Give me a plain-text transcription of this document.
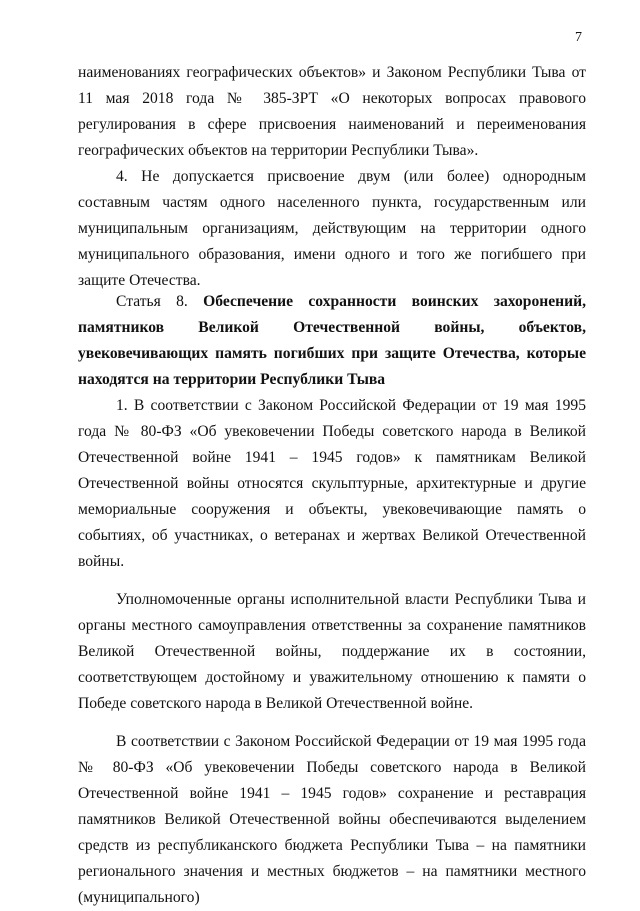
7

наименованиях географических объектов» и Законом Республики Тыва от 11 мая 2018 года № 385-ЗРТ «О некоторых вопросах правового регулирования в сфере присвоения наименований и переименования географических объектов на территории Республики Тыва».

4. Не допускается присвоение двум (или более) однородным составным частям одного населенного пункта, государственным или муниципальным организациям, действующим на территории одного муниципального образования, имени одного и того же погибшего при защите Отечества.

Статья 8. Обеспечение сохранности воинских захоронений, памятников Великой Отечественной войны, объектов, увековечивающих память погибших при защите Отечества, которые находятся на территории Республики Тыва

1. В соответствии с Законом Российской Федерации от 19 мая 1995 года № 80-ФЗ «Об увековечении Победы советского народа в Великой Отечественной войне 1941 – 1945 годов» к памятникам Великой Отечественной войны относятся скульптурные, архитектурные и другие мемориальные сооружения и объекты, увековечивающие память о событиях, об участниках, о ветеранах и жертвах Великой Отечественной войны.

Уполномоченные органы исполнительной власти Республики Тыва и органы местного самоуправления ответственны за сохранение памятников Великой Отечественной войны, поддержание их в состоянии, соответствующем достойному и уважительному отношению к памяти о Победе советского народа в Великой Отечественной войне.

В соответствии с Законом Российской Федерации от 19 мая 1995 года № 80-ФЗ «Об увековечении Победы советского народа в Великой Отечественной войне 1941 – 1945 годов» сохранение и реставрация памятников Великой Отечественной войны обеспечиваются выделением средств из республиканского бюджета Республики Тыва – на памятники регионального значения и местных бюджетов – на памятники местного (муниципального)
